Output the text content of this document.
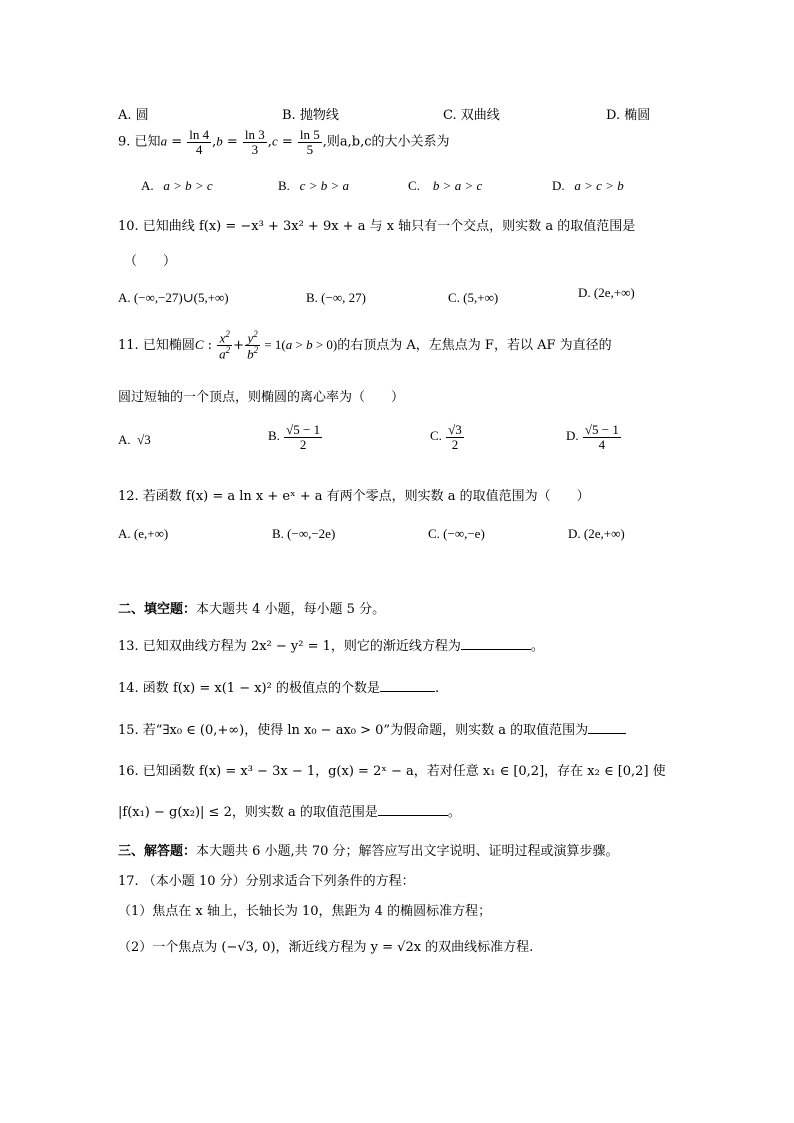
A. 圆	B. 抛物线	C. 双曲线	D. 椭圆
9. 已知$a = \frac{\ln 4}{4} ,b = \frac{\ln 3}{3} ,c = \frac{\ln 5}{5}$ ,则a,b,c的大小关系为
A. a > b > c	B. c > b > a	C. b > a > c	D. a > c > b
10. 已知曲线 f(x) = −x³ + 3x² + 9x + a 与 x 轴只有一个交点，则实数 a 的取值范围是
（　　）
A. (−∞,−27)∪(5,+∞)	B. (−∞, 27)	C. (5,+∞)	D. (2e,+∞)
11. 已知椭圆C : $\frac{x^2}{a^2} + \frac{y^2}{b^2} = 1(a > b > 0)$的右顶点为 A，左焦点为 F，若以 AF 为直径的
圆过短轴的一个顶点，则椭圆的离心率为（　　）
A. √3	B. $\frac{√5 - 1}{2}$	C. $\frac{√3}{2}$	D. $\frac{√5 - 1}{4}$
12. 若函数 f(x) = a ln x + eˣ + a 有两个零点，则实数 a 的取值范围为（　　）
A. (e,+∞)	B. (−∞,−2e)	C. (−∞,−e)	D. (2e,+∞)
二、填空题：本大题共 4 小题，每小题 5 分。
13. 已知双曲线方程为 2x² − y² = 1，则它的渐近线方程为	。
14. 函数 f(x) = x(1 − x)² 的极值点的个数是	.
15. 若“∃x₀ ∈ (0,+∞)，使得 ln x₀ − ax₀ > 0”为假命题，则实数 a 的取值范围为
16. 已知函数 f(x) = x³ − 3x − 1，g(x) = 2ˣ − a，若对任意 x₁ ∈ [0,2]，存在 x₂ ∈ [0,2] 使
|f(x₁) − g(x₂)| ≤ 2，则实数 a 的取值范围是	。
三、解答题：本大题共 6 小题,共 70 分；解答应写出文字说明、证明过程或演算步骤。
17. （本小题 10 分）分别求适合下列条件的方程：
（1）焦点在 x 轴上，长轴长为 10，焦距为 4 的椭圆标准方程；
（2）一个焦点为 (−√3, 0)，渐近线方程为 y = √2x 的双曲线标准方程.
